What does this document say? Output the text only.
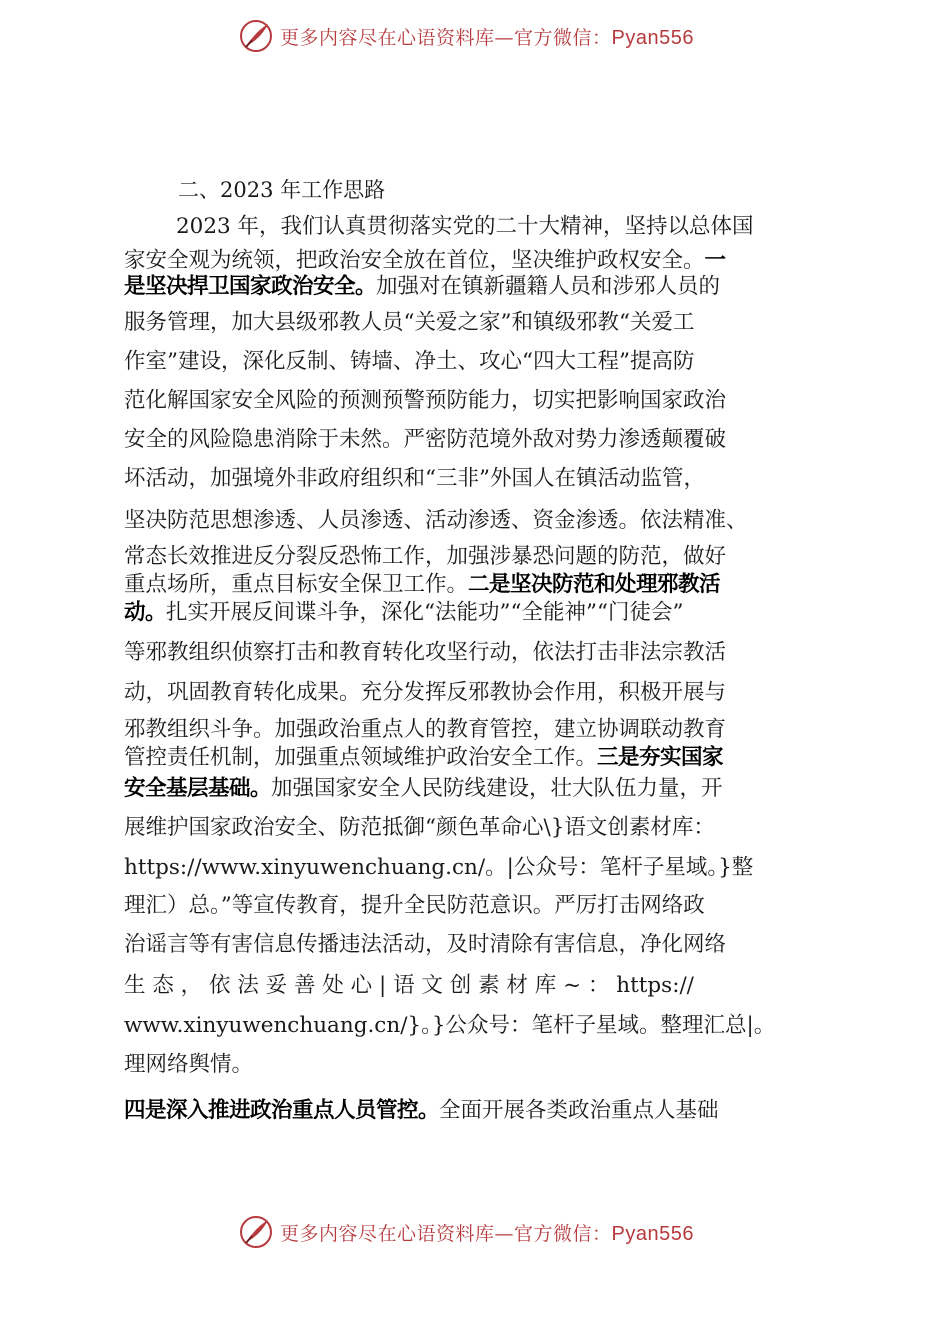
更多内容尽在心语资料库—官方微信：Pyan556
二、2023 年工作思路
2023 年，我们认真贯彻落实党的二十大精神，坚持以总体国
家安全观为统领，把政治安全放在首位，坚决维护政权安全。一
是坚决捍卫国家政治安全。加强对在镇新疆籍人员和涉邪人员的
服务管理，加大县级邪教人员“关爱之家”和镇级邪教“关爱工
作室”建设，深化反制、铸墙、净土、攻心“四大工程”提高防
范化解国家安全风险的预测预警预防能力，切实把影响国家政治
安全的风险隐患消除于未然。严密防范境外敌对势力渗透颠覆破
坏活动，加强境外非政府组织和“三非”外国人在镇活动监管，
坚决防范思想渗透、人员渗透、活动渗透、资金渗透。依法精准、
常态长效推进反分裂反恐怖工作，加强涉暴恐问题的防范，做好
重点场所，重点目标安全保卫工作。二是坚决防范和处理邪教活
动。扎实开展反间谍斗争，深化“法能功”“全能神”“门徒会”
等邪教组织侦察打击和教育转化攻坚行动，依法打击非法宗教活
动，巩固教育转化成果。充分发挥反邪教协会作用，积极开展与
邪教组织斗争。加强政治重点人的教育管控，建立协调联动教育
管控责任机制，加强重点领域维护政治安全工作。三是夯实国家
安全基层基础。加强国家安全人民防线建设，壮大队伍力量，开
展维护国家政治安全、防范抵御“颜色革命心\}语文创素材库：
https://www.xinyuwenchuang.cn/。|公众号：笔杆子星域。}整
理汇）总。”等宣传教育，提升全民防范意识。严厉打击网络政
治谣言等有害信息传播违法活动，及时清除有害信息，净化网络
生 态 ， 依 法 妥 善 处 心 | 语 文 创 素 材 库 ~ ： https://
www.xinyuwenchuang.cn/}。}公众号：笔杆子星域。整理汇总|。
理网络舆情。
四是深入推进政治重点人员管控。全面开展各类政治重点人基础
更多内容尽在心语资料库—官方微信：Pyan556
